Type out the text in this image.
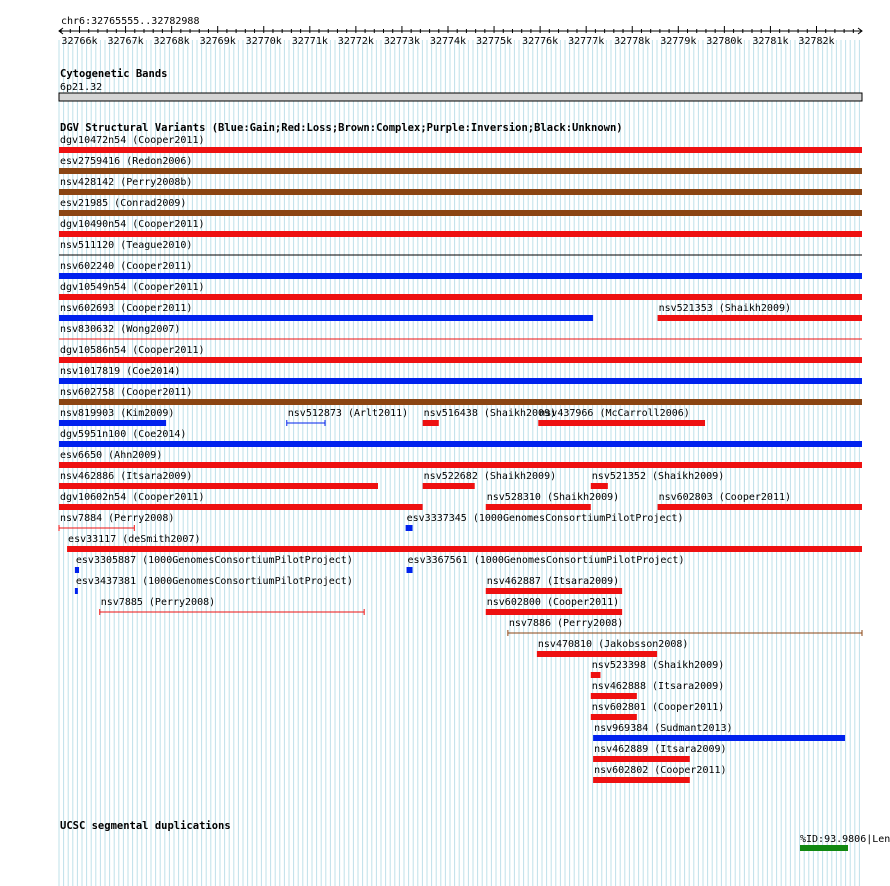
chr6:32765555..32782988
32766k 32767k 32768k 32769k 32770k 32771k 32772k 32773k 32774k 32775k 32776k 32777k 32778k 32779k 32780k 32781k 32782k
Cytogenetic Bands
6p21.32
DGV Structural Variants (Blue:Gain;Red:Loss;Brown:Complex;Purple:Inversion;Black:Unknown)
dgv10472n54 (Cooper2011)
esv2759416 (Redon2006)
nsv428142 (Perry2008b)
esv21985 (Conrad2009)
dgv10490n54 (Cooper2011)
nsv511120 (Teague2010)
nsv602240 (Cooper2011)
dgv10549n54 (Cooper2011)
nsv602693 (Cooper2011)	nsv521353 (Shaikh2009)
nsv830632 (Wong2007)
dgv10586n54 (Cooper2011)
nsv1017819 (Coe2014)
nsv602758 (Cooper2011)
nsv819903 (Kim2009)	nsv512873 (Arlt2011) nsv516438 (Shaikh2009)
nsv437966 (McCarroll2006)
dgv5951n100 (Coe2014)
esv6650 (Ahn2009)
nsv462886 (Itsara2009)	nsv522682 (Shaikh2009)	nsv521352 (Shaikh2009)
dgv10602n54 (Cooper2011)	nsv528310 (Shaikh2009)	nsv602803 (Cooper2011)
nsv7884 (Perry2008)	esv3337345 (1000GenomesConsortiumPilotProject)
esv33117 (deSmith2007)
esv3305887 (1000GenomesConsortiumPilotProject)	esv3367561 (1000GenomesConsortiumPilotProject)
esv3437381 (1000GenomesConsortiumPilotProject)	nsv462887 (Itsara2009)
nsv7885 (Perry2008)	nsv602800 (Cooper2011)
nsv7886 (Perry2008)
nsv470810 (Jakobsson2008)
nsv523398 (Shaikh2009)
nsv462888 (Itsara2009)
nsv602801 (Cooper2011)
nsv969384 (Sudmant2013)
nsv462889 (Itsara2009)
nsv602802 (Cooper2011)
UCSC segmental duplications
%ID:93.9806|Len
